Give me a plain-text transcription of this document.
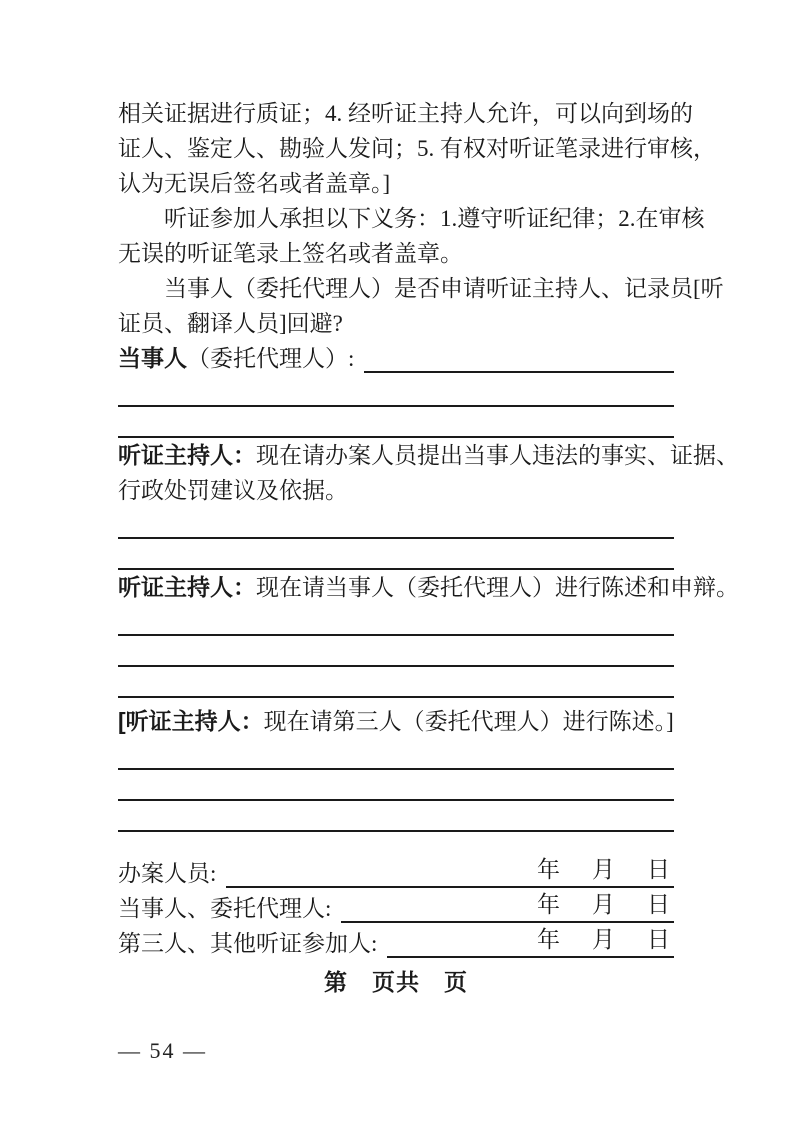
相关证据进行质证；4. 经听证主持人允许，可以向到场的
证人、鉴定人、勘验人发问；5. 有权对听证笔录进行审核，
认为无误后签名或者盖章。]
听证参加人承担以下义务：1.遵守听证纪律；2.在审核
无误的听证笔录上签名或者盖章。
当事人（委托代理人）是否申请听证主持人、记录员[听
证员、翻译人员]回避?
当事人 （委托代理人）:
听证主持人：现在请办案人员提出当事人违法的事实、证据、
行政处罚建议及依据。
听证主持人：现在请当事人（委托代理人）进行陈述和申辩。
[听证主持人：现在请第三人（委托代理人）进行陈述。]
办案人员:	年 月 日
当事人、委托代理人:	年 月 日
第三人、其他听证参加人:	年 月 日
第　页共　页
— 54 —
